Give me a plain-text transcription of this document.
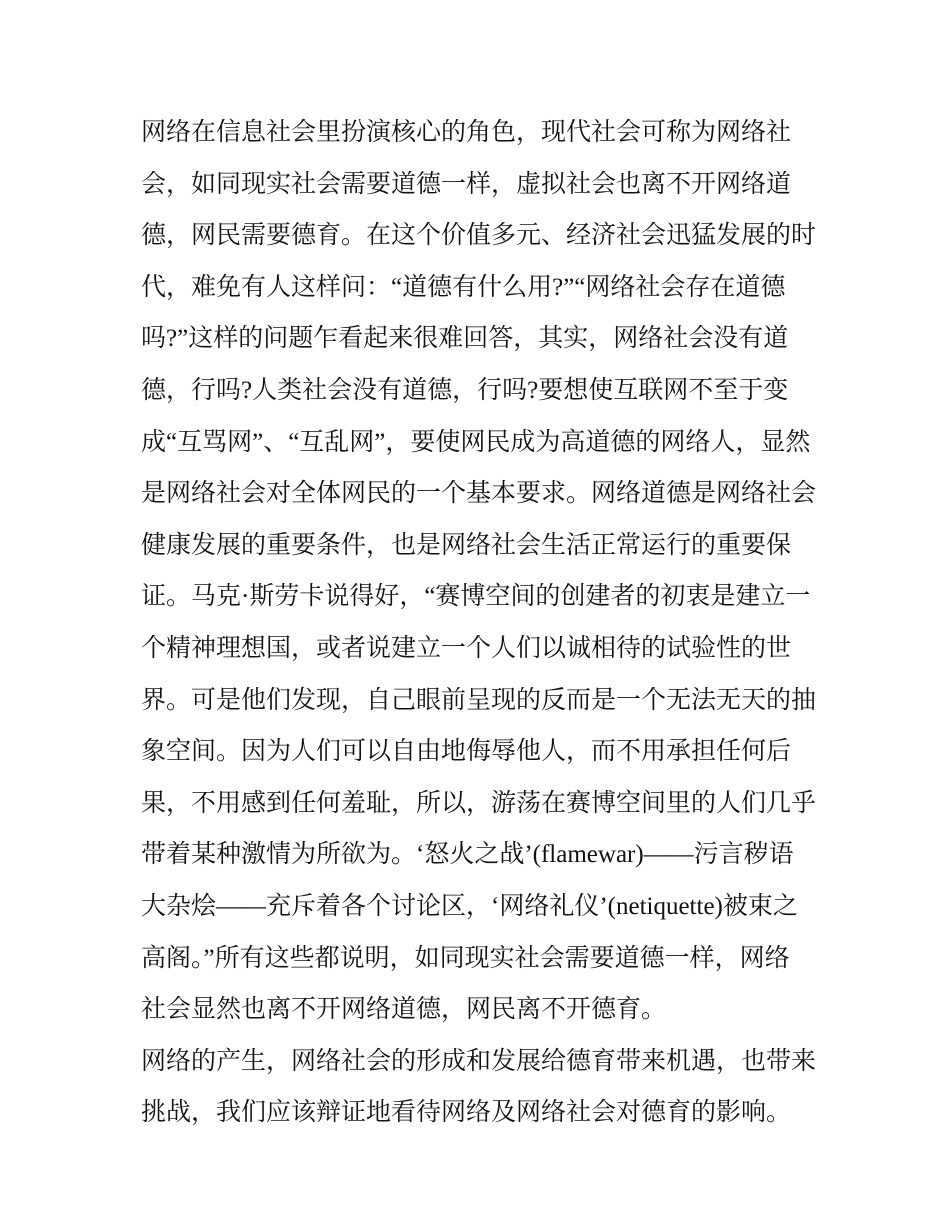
网络在信息社会里扮演核心的角色，现代社会可称为网络社
会，如同现实社会需要道德一样，虚拟社会也离不开网络道
德，网民需要德育。在这个价值多元、经济社会迅猛发展的时
代，难免有人这样问：“道德有什么用?”“网络社会存在道德
吗?”这样的问题乍看起来很难回答，其实，网络社会没有道
德，行吗?人类社会没有道德，行吗?要想使互联网不至于变
成“互骂网”、“互乱网”，要使网民成为高道德的网络人，显然
是网络社会对全体网民的一个基本要求。网络道德是网络社会
健康发展的重要条件，也是网络社会生活正常运行的重要保
证。马克·斯劳卡说得好，“赛博空间的创建者的初衷是建立一
个精神理想国，或者说建立一个人们以诚相待的试验性的世
界。可是他们发现，自己眼前呈现的反而是一个无法无天的抽
象空间。因为人们可以自由地侮辱他人，而不用承担任何后
果，不用感到任何羞耻，所以，游荡在赛博空间里的人们几乎
带着某种激情为所欲为。‘怒火之战’(flamewar)——污言秽语
大杂烩——充斥着各个讨论区，‘网络礼仪’(netiquette)被束之
高阁。”所有这些都说明，如同现实社会需要道德一样，网络
社会显然也离不开网络道德，网民离不开德育。
网络的产生，网络社会的形成和发展给德育带来机遇，也带来
挑战，我们应该辩证地看待网络及网络社会对德育的影响。
